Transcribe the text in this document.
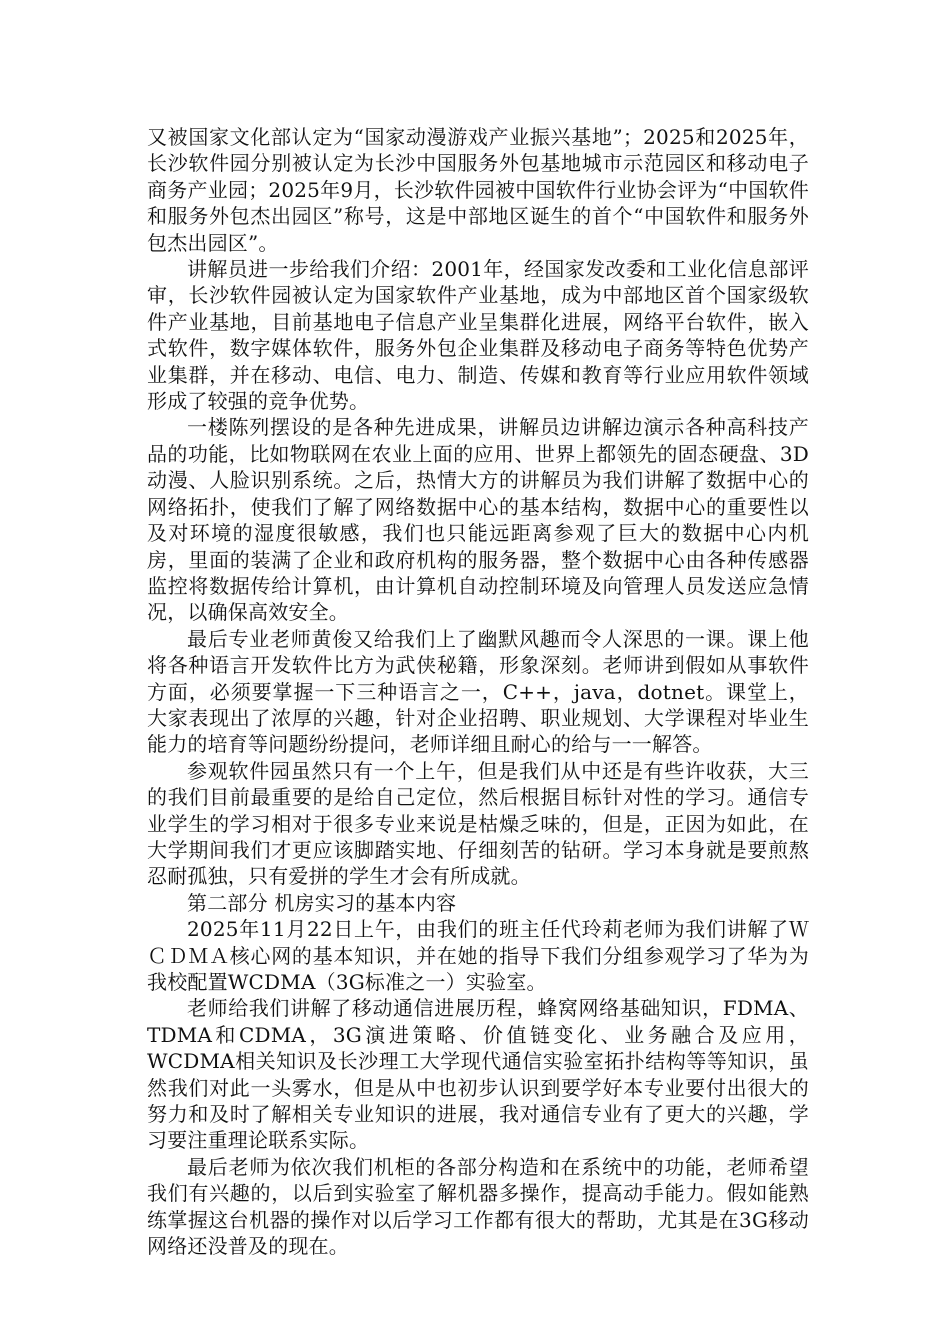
又被国家文化部认定为“国家动漫游戏产业振兴基地”；2025和2025年，长沙软件园分别被认定为长沙中国服务外包基地城市示范园区和移动电子商务产业园；2025年9月，长沙软件园被中国软件行业协会评为“中国软件和服务外包杰出园区”称号，这是中部地区诞生的首个“中国软件和服务外包杰出园区”。

讲解员进一步给我们介绍：2001年，经国家发改委和工业化信息部评审，长沙软件园被认定为国家软件产业基地，成为中部地区首个国家级软件产业基地，目前基地电子信息产业呈集群化进展，网络平台软件，嵌入式软件，数字媒体软件，服务外包企业集群及移动电子商务等特色优势产业集群，并在移动、电信、电力、制造、传媒和教育等行业应用软件领域形成了较强的竞争优势。

一楼陈列摆设的是各种先进成果，讲解员边讲解边演示各种高科技产品的功能，比如物联网在农业上面的应用、世界上都领先的固态硬盘、3D动漫、人脸识别系统。之后，热情大方的讲解员为我们讲解了数据中心的网络拓扑，使我们了解了网络数据中心的基本结构，数据中心的重要性以及对环境的湿度很敏感，我们也只能远距离参观了巨大的数据中心内机房，里面的装满了企业和政府机构的服务器，整个数据中心由各种传感器监控将数据传给计算机，由计算机自动控制环境及向管理人员发送应急情况，以确保高效安全。

最后专业老师黄俊又给我们上了幽默风趣而令人深思的一课。课上他将各种语言开发软件比方为武侠秘籍，形象深刻。老师讲到假如从事软件方面，必须要掌握一下三种语言之一，C++，java，dotnet。课堂上，大家表现出了浓厚的兴趣，针对企业招聘、职业规划、大学课程对毕业生能力的培育等问题纷纷提问，老师详细且耐心的给与一一解答。

参观软件园虽然只有一个上午，但是我们从中还是有些许收获，大三的我们目前最重要的是给自己定位，然后根据目标针对性的学习。通信专业学生的学习相对于很多专业来说是枯燥乏味的，但是，正因为如此，在大学期间我们才更应该脚踏实地、仔细刻苦的钻研。学习本身就是要煎熬忍耐孤独，只有爱拼的学生才会有所成就。

第二部分 机房实习的基本内容

2025年11月22日上午，由我们的班主任代玲莉老师为我们讲解了ＷＣＤＭＡ核心网的基本知识，并在她的指导下我们分组参观学习了华为为我校配置WCDMA（3G标准之一）实验室。

老师给我们讲解了移动通信进展历程，蜂窝网络基础知识，FDMA、TDMA和CDMA，3G演进策略、价值链变化、业务融合及应用，WCDMA相关知识及长沙理工大学现代通信实验室拓扑结构等等知识，虽然我们对此一头雾水，但是从中也初步认识到要学好本专业要付出很大的努力和及时了解相关专业知识的进展，我对通信专业有了更大的兴趣，学习要注重理论联系实际。

最后老师为依次我们机柜的各部分构造和在系统中的功能，老师希望我们有兴趣的，以后到实验室了解机器多操作，提高动手能力。假如能熟练掌握这台机器的操作对以后学习工作都有很大的帮助，尤其是在3G移动网络还没普及的现在。
